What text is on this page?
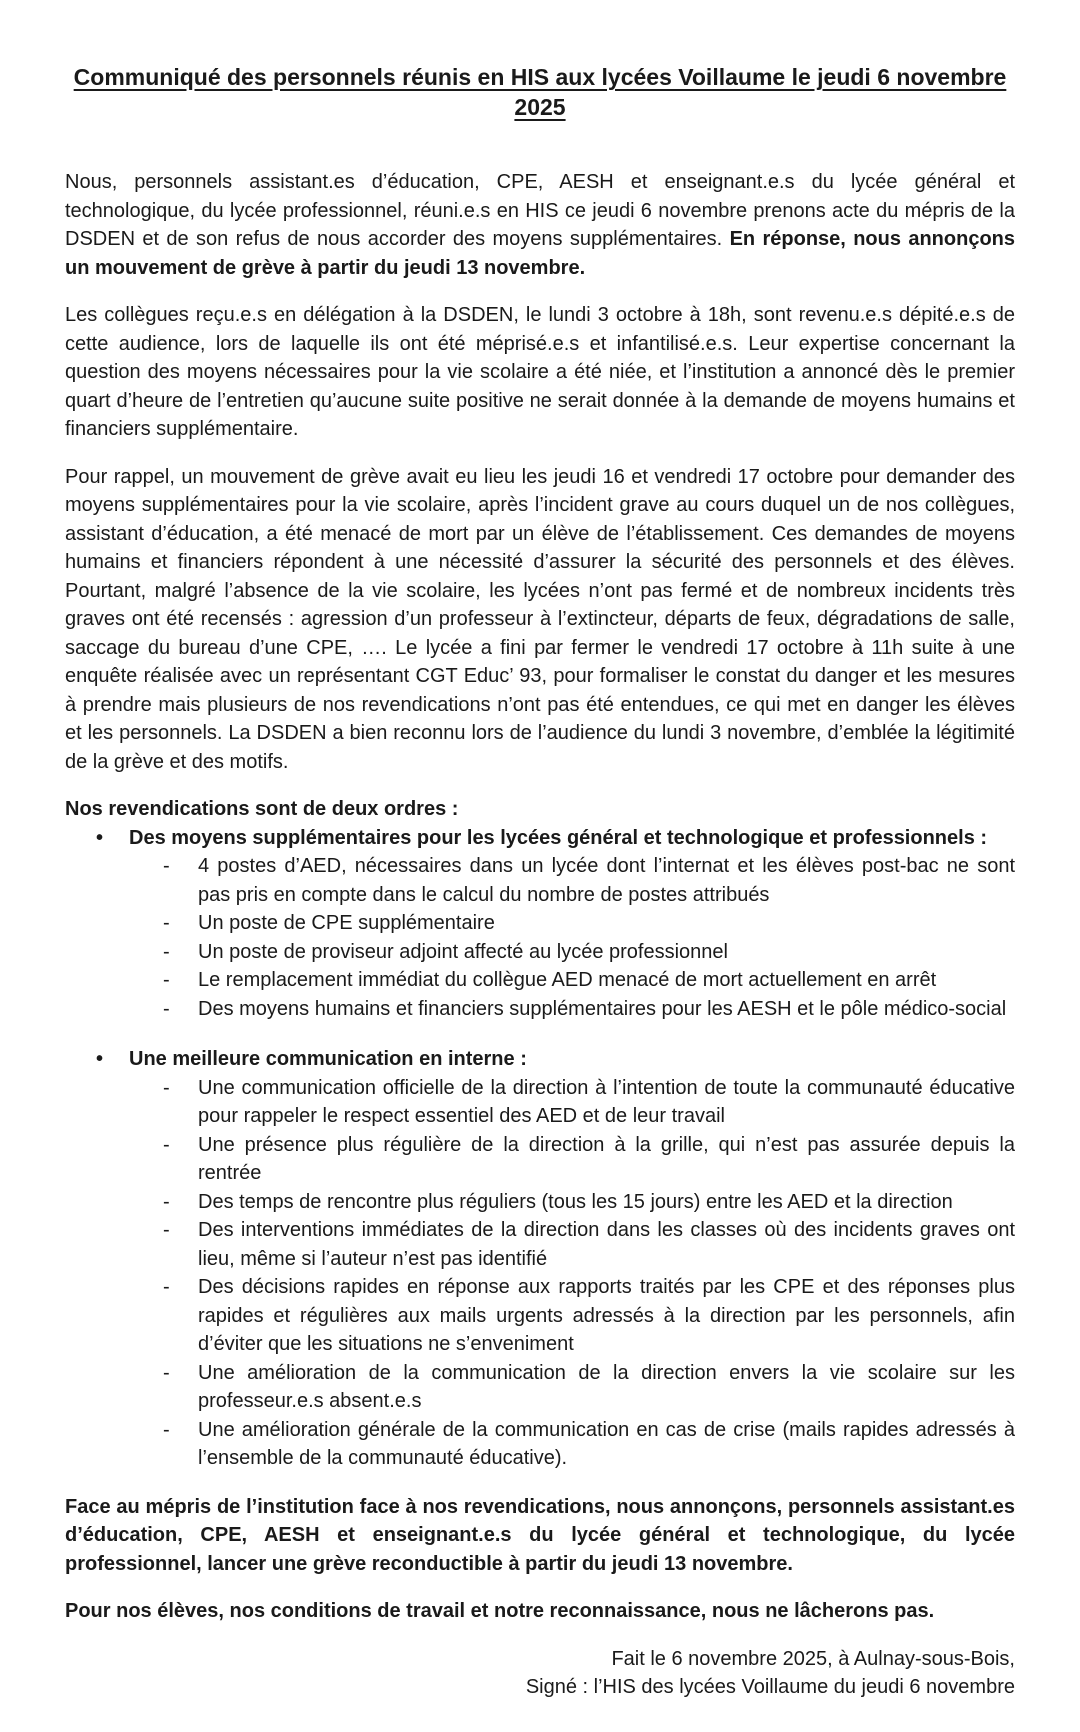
Communiqué des personnels réunis en HIS aux lycées Voillaume le jeudi 6 novembre 2025

Nous, personnels assistant.es d’éducation, CPE, AESH et enseignant.e.s du lycée général et technologique, du lycée professionnel, réuni.e.s en HIS ce jeudi 6 novembre prenons acte du mépris de la DSDEN et de son refus de nous accorder des moyens supplémentaires. En réponse, nous annonçons un mouvement de grève à partir du jeudi 13 novembre.

Les collègues reçu.e.s en délégation à la DSDEN, le lundi 3 octobre à 18h, sont revenu.e.s dépité.e.s de cette audience, lors de laquelle ils ont été méprisé.e.s et infantilisé.e.s. Leur expertise concernant la question des moyens nécessaires pour la vie scolaire a été niée, et l’institution a annoncé dès le premier quart d’heure de l’entretien qu’aucune suite positive ne serait donnée à la demande de moyens humains et financiers supplémentaire.

Pour rappel, un mouvement de grève avait eu lieu les jeudi 16 et vendredi 17 octobre pour demander des moyens supplémentaires pour la vie scolaire, après l’incident grave au cours duquel un de nos collègues, assistant d’éducation, a été menacé de mort par un élève de l’établissement. Ces demandes de moyens humains et financiers répondent à une nécessité d’assurer la sécurité des personnels et des élèves. Pourtant, malgré l’absence de la vie scolaire, les lycées n’ont pas fermé et de nombreux incidents très graves ont été recensés : agression d’un professeur à l’extincteur, départs de feux, dégradations de salle, saccage du bureau d’une CPE, …. Le lycée a fini par fermer le vendredi 17 octobre à 11h suite à une enquête réalisée avec un représentant CGT Educ’ 93, pour formaliser le constat du danger et les mesures à prendre mais plusieurs de nos revendications n’ont pas été entendues, ce qui met en danger les élèves et les personnels. La DSDEN a bien reconnu lors de l’audience du lundi 3 novembre, d’emblée la légitimité de la grève et des motifs.

Nos revendications sont de deux ordres :

• Des moyens supplémentaires pour les lycées général et technologique et professionnels :
- 4 postes d’AED, nécessaires dans un lycée dont l’internat et les élèves post-bac ne sont pas pris en compte dans le calcul du nombre de postes attribués
- Un poste de CPE supplémentaire
- Un poste de proviseur adjoint affecté au lycée professionnel
- Le remplacement immédiat du collègue AED menacé de mort actuellement en arrêt
- Des moyens humains et financiers supplémentaires pour les AESH et le pôle médico-social
• Une meilleure communication en interne :
- Une communication officielle de la direction à l’intention de toute la communauté éducative pour rappeler le respect essentiel des AED et de leur travail
- Une présence plus régulière de la direction à la grille, qui n’est pas assurée depuis la rentrée
- Des temps de rencontre plus réguliers (tous les 15 jours) entre les AED et la direction
- Des interventions immédiates de la direction dans les classes où des incidents graves ont lieu, même si l’auteur n’est pas identifié
- Des décisions rapides en réponse aux rapports traités par les CPE et des réponses plus rapides et régulières aux mails urgents adressés à la direction par les personnels, afin d’éviter que les situations ne s’enveniment
- Une amélioration de la communication de la direction envers la vie scolaire sur les professeur.e.s absent.e.s
- Une amélioration générale de la communication en cas de crise (mails rapides adressés à l’ensemble de la communauté éducative).

Face au mépris de l’institution face à nos revendications, nous annonçons, personnels assistant.es d’éducation, CPE, AESH et enseignant.e.s du lycée général et technologique, du lycée professionnel, lancer une grève reconductible à partir du jeudi 13 novembre.

Pour nos élèves, nos conditions de travail et notre reconnaissance, nous ne lâcherons pas.

Fait le 6 novembre 2025, à Aulnay-sous-Bois,
Signé : l’HIS des lycées Voillaume du jeudi 6 novembre
